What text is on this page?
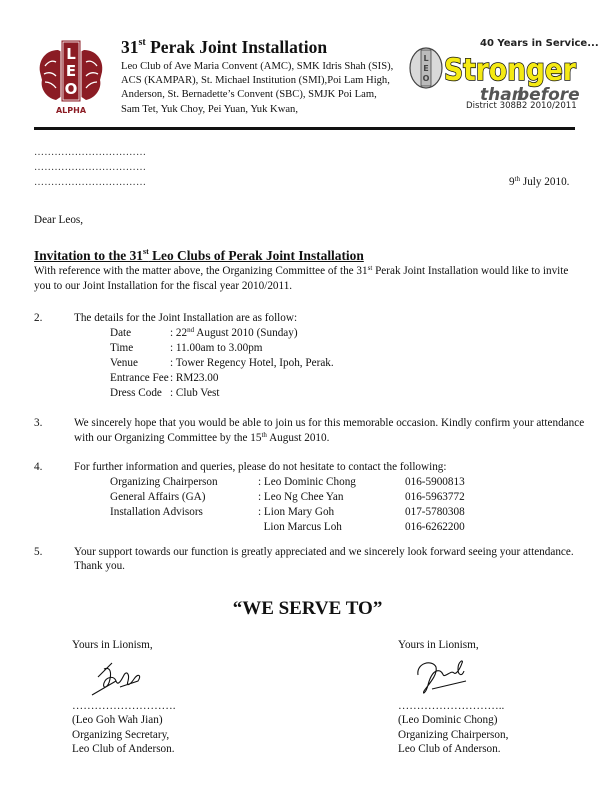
L
E
O
ALPHA
31st Perak Joint Installation
Leo Club of Ave Maria Convent (AMC), SMK Idris Shah (SIS),
ACS (KAMPAR), St. Michael Institution (SMI),Poi Lam High,
Anderson, St. Bernadette’s Convent (SBC), SMJK Poi Lam,
Sam Tet, Yuk Choy, Pei Yuan, Yuk Kwan,
L
E
O Stronger
than
before
40 Years in Service...
District 308B2 2010/2011
……………………………
……………………………
……………………………	9th July 2010.
Dear Leos,
Invitation to the 31st Leo Clubs of Perak Joint Installation
With reference with the matter above, the Organizing Committee of the 31st Perak Joint Installation would like to invite
you to our Joint Installation for the fiscal year 2010/2011.
2.	The details for the Joint Installation are as follow:
Date	: 22nd August 2010 (Sunday)
Time	: 11.00am to 3.00pm
Venue	: Tower Regency Hotel, Ipoh, Perak.
Entrance Fee : RM23.00
Dress Code : Club Vest
3.	We sincerely hope that you would be able to join us for this memorable occasion. Kindly confirm your attendance
with our Organizing Committee by the 15th August 2010.
4.	For further information and queries, please do not hesitate to contact the following:
Organizing Chairperson	: Leo Dominic Chong	016-5900813
General Affairs (GA)	: Leo Ng Chee Yan	016-5963772
Installation Advisors	: Lion Mary Goh	017-5780308
Lion Marcus Loh	016-6262200
5.	Your support towards our function is greatly appreciated and we sincerely look forward seeing your attendance.
Thank you.
“WE SERVE TO”
Yours in Lionism,
……………………….
(Leo Goh Wah Jian)
Organizing Secretary,
Leo Club of Anderson.
Yours in Lionism,
………………………..
(Leo Dominic Chong)
Organizing Chairperson,
Leo Club of Anderson.
